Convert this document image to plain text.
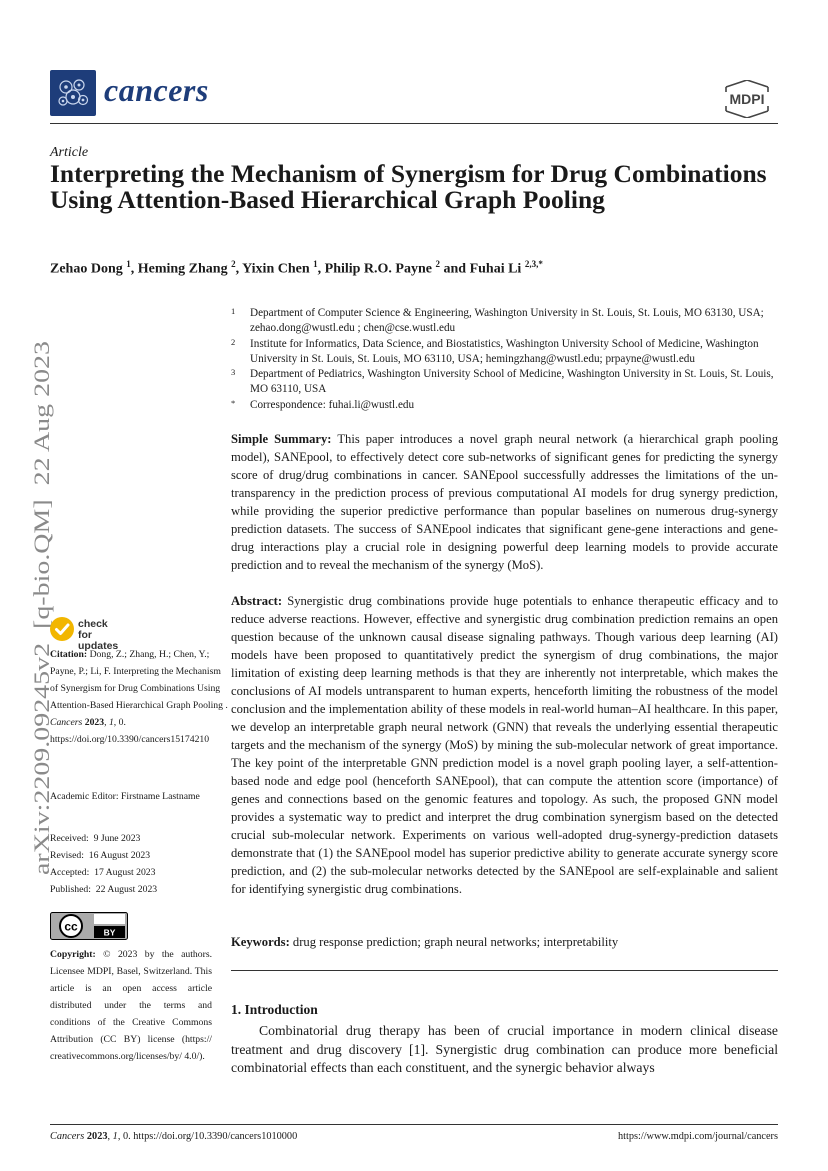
cancers	MDPI
Article
Interpreting the Mechanism of Synergism for Drug Combinations Using Attention-Based Hierarchical Graph Pooling
Zehao Dong $^1$, Heming Zhang $^2$, Yixin Chen $^1$, Philip R.O. Payne $^2$ and Fuhai Li $^{2,3,*}$
1 Department of Computer Science & Engineering, Washington University in St. Louis, St. Louis, MO 63130, USA; zehao.dong@wustl.edu ; chen@cse.wustl.edu
2 Institute for Informatics, Data Science, and Biostatistics, Washington University School of Medicine, Washington University in St. Louis, St. Louis, MO 63110, USA; hemingzhang@wustl.edu; prpayne@wustl.edu
3 Department of Pediatrics, Washington University School of Medicine, Washington University in St. Louis, St. Louis, MO 63110, USA
* Correspondence: fuhai.li@wustl.edu
Simple Summary: This paper introduces a novel graph neural network (a hierarchical graph pooling model), SANEpool, to effectively detect core sub-networks of significant genes for predicting the synergy score of drug/drug combinations in cancer. SANEpool successfully addresses the limitations of the un-transparency in the prediction process of previous computational AI models for drug synergy prediction, while providing the superior predictive performance than popular baselines on numerous drug-synergy prediction datasets. The success of SANEpool indicates that significant gene-gene interactions and gene-drug interactions play a crucial role in designing powerful deep learning models to provide accurate prediction and to reveal the mechanism of the synergy (MoS).
Abstract: Synergistic drug combinations provide huge potentials to enhance therapeutic efficacy and to reduce adverse reactions. However, effective and synergistic drug combination prediction remains an open question because of the unknown causal disease signaling pathways. Though various deep learning (AI) models have been proposed to quantitatively predict the synergism of drug combinations, the major limitation of existing deep learning methods is that they are inherently not interpretable, which makes the conclusions of AI models untransparent to human experts, henceforth limiting the robustness of the model conclusion and the implementation ability of these models in real-world human–AI healthcare. In this paper, we develop an interpretable graph neural network (GNN) that reveals the underlying essential therapeutic targets and the mechanism of the synergy (MoS) by mining the sub-molecular network of great importance. The key point of the interpretable GNN prediction model is a novel graph pooling layer, a self-attention-based node and edge pool (henceforth SANEpool), that can compute the attention score (importance) of genes and connections based on the genomic features and topology. As such, the proposed GNN model provides a systematic way to predict and interpret the drug combination synergism based on the detected crucial sub-molecular network. Experiments on various well-adopted drug-synergy-prediction datasets demonstrate that (1) the SANEpool model has superior predictive ability to generate accurate synergy score prediction, and (2) the sub-molecular networks detected by the SANEpool are self-explainable and salient for identifying synergistic drug combinations.
Keywords: drug response prediction; graph neural networks; interpretability
1. Introduction
Combinatorial drug therapy has been of crucial importance in modern clinical disease treatment and drug discovery [1]. Synergistic drug combination can produce more beneficial combinatorial effects than each constituent, and the synergic behavior always
arXiv:2209.09245v2  [q-bio.QM]  22 Aug 2023 check for
updates
Citation: Dong, Z.; Zhang, H.; Chen, Y.; Payne, P.; Li, F. Interpreting the Mechanism of Synergism for Drug Combinations Using Attention-Based Hierarchical Graph Pooling . Cancers 2023, 1, 0.
https://doi.org/10.3390/cancers15174210
Academic Editor: Firstname Lastname
Received: 9 June 2023
Revised: 16 August 2023
Accepted: 17 August 2023
Published: 22 August 2023
cc	BY
Copyright: © 2023 by the authors. Licensee MDPI, Basel, Switzerland. This article is an open access article distributed under the terms and conditions of the Creative Commons Attribution (CC BY) license (https:// creativecommons.org/licenses/by/ 4.0/).
Cancers 2023, 1, 0. https://doi.org/10.3390/cancers1010000	https://www.mdpi.com/journal/cancers
